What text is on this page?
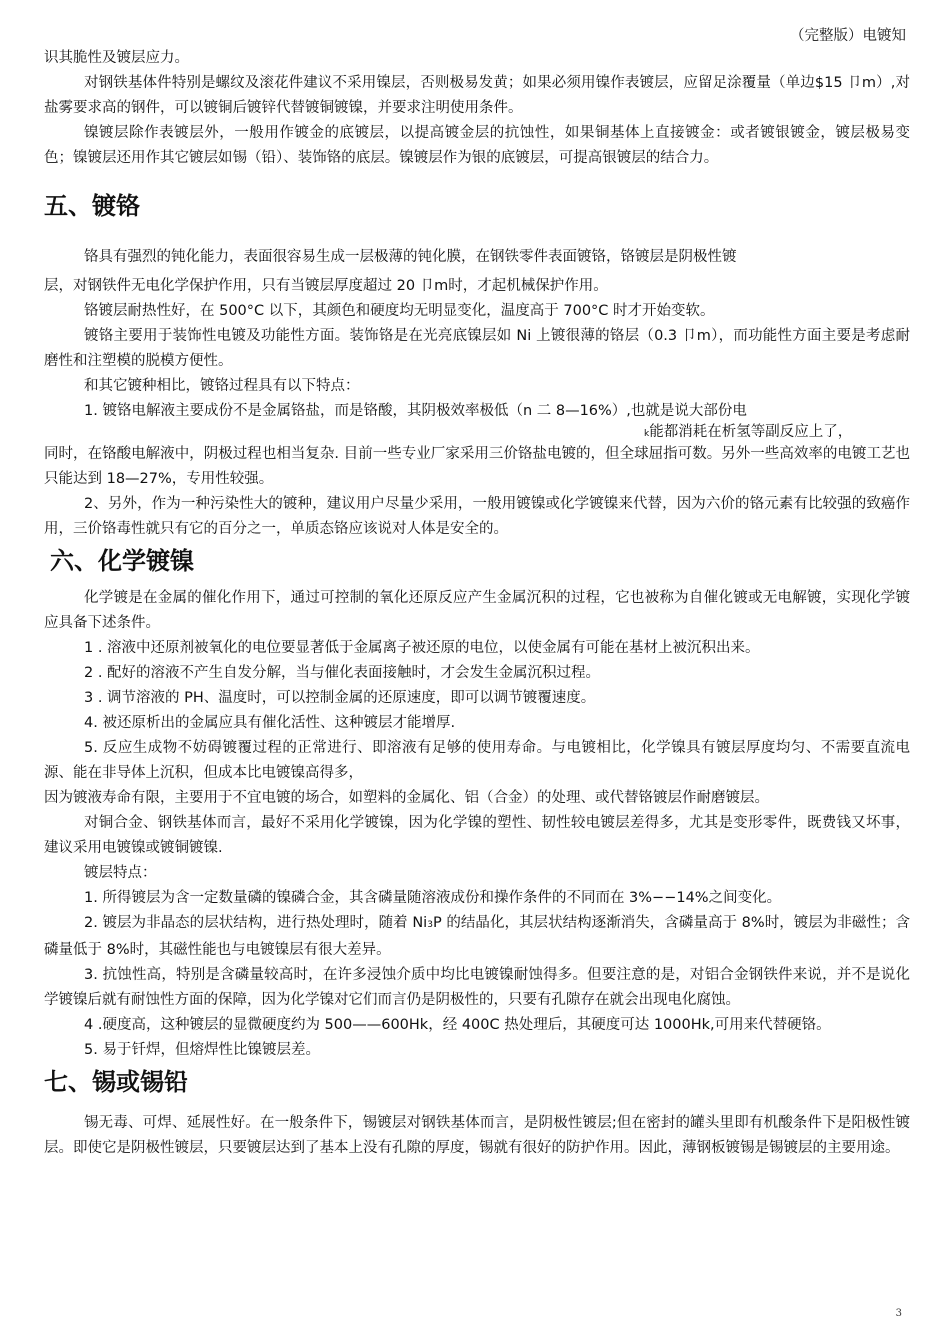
（完整版）电镀知

识其脆性及镀层应力。

对钢铁基体件特别是螺纹及滚花件建议不采用镍层，否则极易发黄；如果必须用镍作表镀层，应留足涂覆量（单边$15 卩m）,对盐雾要求高的钢件，可以镀铜后镀锌代替镀铜镀镍，并要求注明使用条件。

镍镀层除作表镀层外，一般用作镀金的底镀层，以提高镀金层的抗蚀性，如果铜基体上直接镀金：或者镀银镀金，镀层极易变色；镍镀层还用作其它镀层如锡（铅）、装饰铬的底层。镍镀层作为银的底镀层，可提高银镀层的结合力。

五、镀铬

铬具有强烈的钝化能力，表面很容易生成一层极薄的钝化膜，在钢铁零件表面镀铬，铬镀层是阴极性镀

层，对钢铁件无电化学保护作用，只有当镀层厚度超过 20 卩m时，才起机械保护作用。

铬镀层耐热性好，在 500°C 以下，其颜色和硬度均无明显变化，温度高于 700°C 时才开始变软。

镀铬主要用于装饰性电镀及功能性方面。装饰铬是在光亮底镍层如 Ni 上镀很薄的铬层（0.3 卩m），而功能性方面主要是考虑耐磨性和注塑模的脱模方便性。

和其它镀种相比，镀铬过程具有以下特点：

1. 镀铬电解液主要成份不是金属铬盐，而是铬酸，其阴极效率极低（n 二 8—16%）,也就是说大部份电

k能都消耗在析氢等副反应上了，

同时，在铬酸电解液中，阴极过程也相当复杂. 目前一些专业厂家采用三价铬盐电镀的，但全球屈指可数。另外一些高效率的电镀工艺也只能达到 18—27%，专用性较强。

2、另外，作为一种污染性大的镀种，建议用户尽量少采用，一般用镀镍或化学镀镍来代替，因为六价的铬元素有比较强的致癌作用，三价铬毒性就只有它的百分之一，单质态铬应该说对人体是安全的。

六、化学镀镍

化学镀是在金属的催化作用下，通过可控制的氧化还原反应产生金属沉积的过程，它也被称为自催化镀或无电解镀，实现化学镀应具备下述条件。

1 . 溶液中还原剂被氧化的电位要显著低于金属离子被还原的电位，以使金属有可能在基材上被沉积出来。

2 . 配好的溶液不产生自发分解，当与催化表面接触时，才会发生金属沉积过程。

3 . 调节溶液的 PH、温度时，可以控制金属的还原速度，即可以调节镀覆速度。

4. 被还原析出的金属应具有催化活性、这种镀层才能增厚.

5. 反应生成物不妨碍镀覆过程的正常进行、即溶液有足够的使用寿命。与电镀相比，化学镍具有镀层厚度均匀、不需要直流电源、能在非导体上沉积，但成本比电镀镍高得多，

因为镀液寿命有限，主要用于不宜电镀的场合，如塑料的金属化、铝（合金）的处理、或代替铬镀层作耐磨镀层。

对铜合金、钢铁基体而言，最好不采用化学镀镍，因为化学镍的塑性、韧性较电镀层差得多，尤其是变形零件，既费钱又坏事，建议采用电镀镍或镀铜镀镍.

镀层特点：

1. 所得镀层为含一定数量磷的镍磷合金，其含磷量随溶液成份和操作条件的不同而在 3%−−14%之间变化。

2. 镀层为非晶态的层状结构，进行热处理时，随着 Ni3P 的结晶化，其层状结构逐渐消失，含磷量高于 8%时，镀层为非磁性；含磷量低于 8%时，其磁性能也与电镀镍层有很大差异。

3. 抗蚀性高，特别是含磷量较高时，在许多浸蚀介质中均比电镀镍耐蚀得多。但要注意的是，对铝合金钢铁件来说，并不是说化学镀镍后就有耐蚀性方面的保障，因为化学镍对它们而言仍是阴极性的，只要有孔隙存在就会出现电化腐蚀。

4 .硬度高，这种镀层的显微硬度约为 500——600Hk，经 400C 热处理后，其硬度可达 1000Hk,可用来代替硬铬。

5. 易于钎焊，但熔焊性比镍镀层差。

七、锡或锡铅

锡无毒、可焊、延展性好。在一般条件下，锡镀层对钢铁基体而言，是阴极性镀层;但在密封的罐头里即有机酸条件下是阳极性镀层。即使它是阴极性镀层，只要镀层达到了基本上没有孔隙的厚度，锡就有很好的防护作用。因此，薄钢板镀锡是锡镀层的主要用途。

3
